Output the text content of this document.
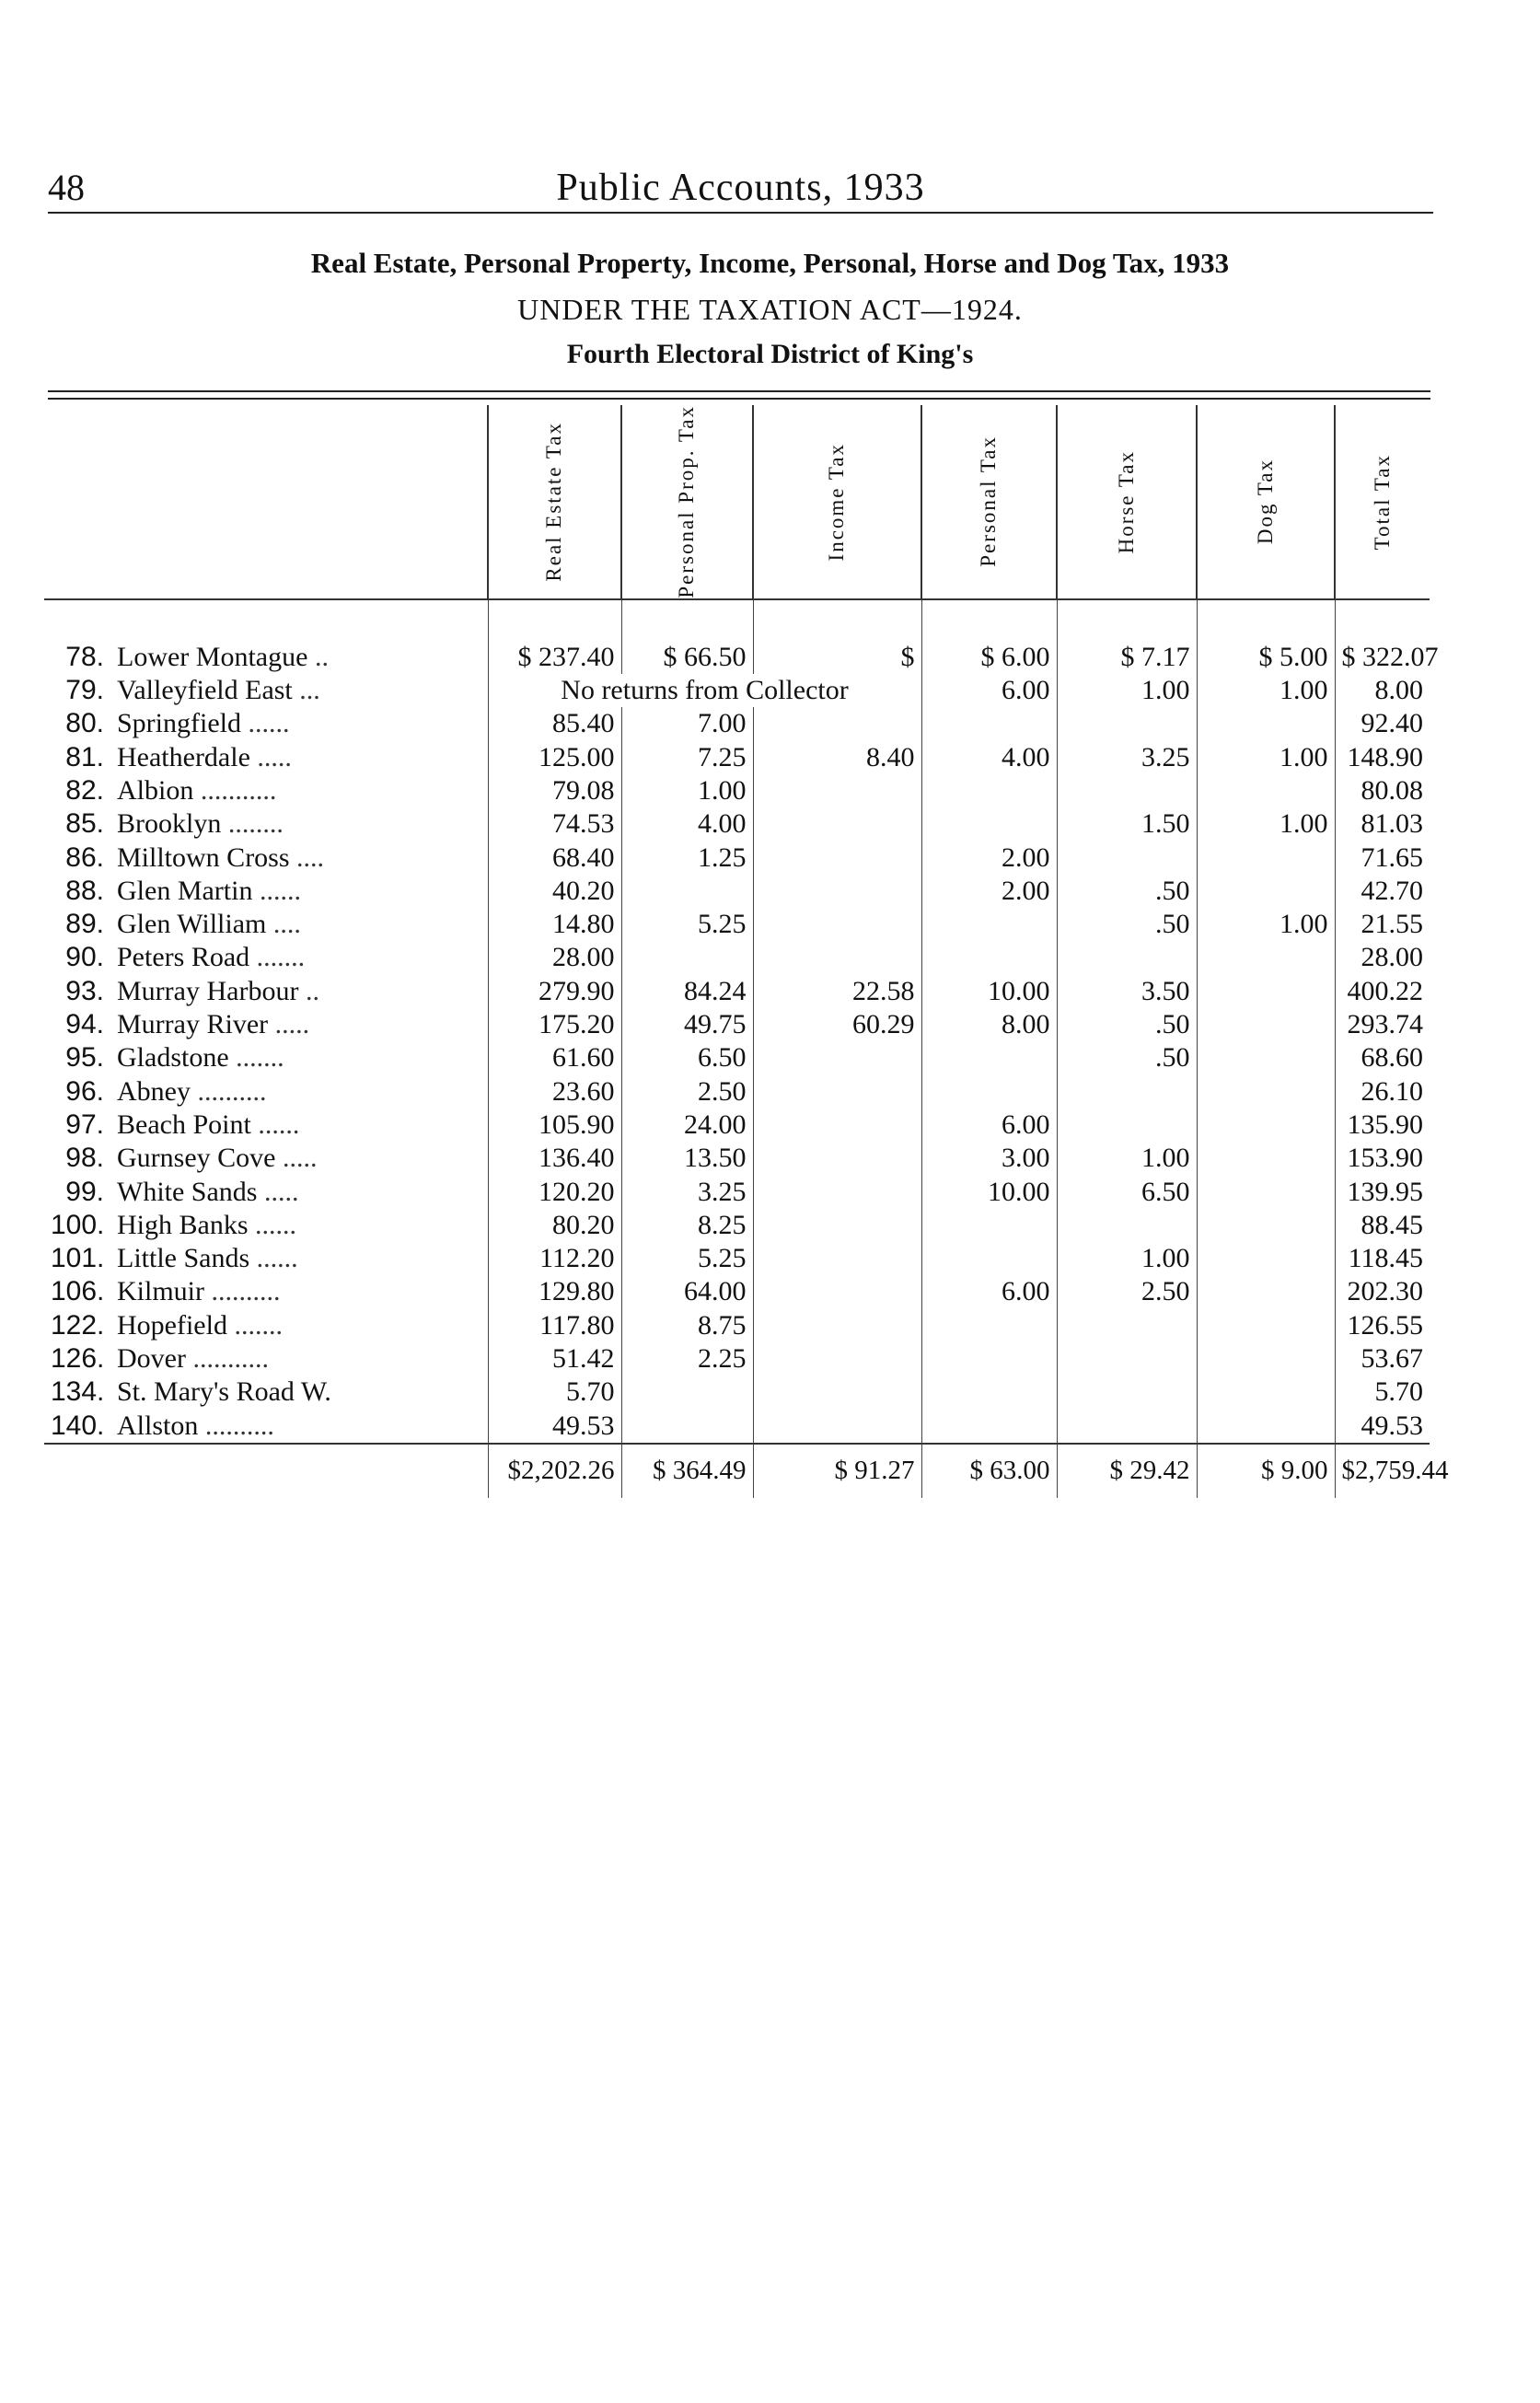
48	Public Accounts, 1933
Real Estate, Personal Property, Income, Personal, Horse and Dog Tax, 1933
UNDER THE TAXATION ACT—1924.
Fourth Electoral District of King's

		Real Estate Tax	Personal Prop. Tax	Income Tax	Personal Tax	Horse Tax	Dog Tax	Total Tax

78.	Lower Montague ..	$ 237.40	$ 66.50	$	$ 6.00	$ 7.17	$ 5.00	$ 322.07
79.	Valleyfield East ...	No returns from Collector			6.00	1.00	1.00	8.00
80.	Springfield ......	85.40	7.00					92.40
81.	Heatherdale .....	125.00	7.25	8.40	4.00	3.25	1.00	148.90
82.	Albion ...........	79.08	1.00					80.08
85.	Brooklyn ........	74.53	4.00			1.50	1.00	81.03
86.	Milltown Cross ....	68.40	1.25		2.00			71.65
88.	Glen Martin ......	40.20			2.00	.50		42.70
89.	Glen William ....	14.80	5.25			.50	1.00	21.55
90.	Peters Road .......	28.00						28.00
93.	Murray Harbour ..	279.90	84.24	22.58	10.00	3.50		400.22
94.	Murray River .....	175.20	49.75	60.29	8.00	.50		293.74
95.	Gladstone .......	61.60	6.50			.50		68.60
96.	Abney ..........	23.60	2.50					26.10
97.	Beach Point ......	105.90	24.00		6.00			135.90
98.	Gurnsey Cove .....	136.40	13.50		3.00	1.00		153.90
99.	White Sands .....	120.20	3.25		10.00	6.50		139.95
100.	High Banks ......	80.20	8.25					88.45
101.	Little Sands ......	112.20	5.25			1.00		118.45
106.	Kilmuir ..........	129.80	64.00		6.00	2.50		202.30
122.	Hopefield .......	117.80	8.75					126.55
126.	Dover ...........	51.42	2.25					53.67
134.	St. Mary's Road W.	5.70						5.70
140.	Allston ..........	49.53						49.53
		$2,202.26	$ 364.49	$ 91.27	$ 63.00	$ 29.42	$ 9.00	$2,759.44
